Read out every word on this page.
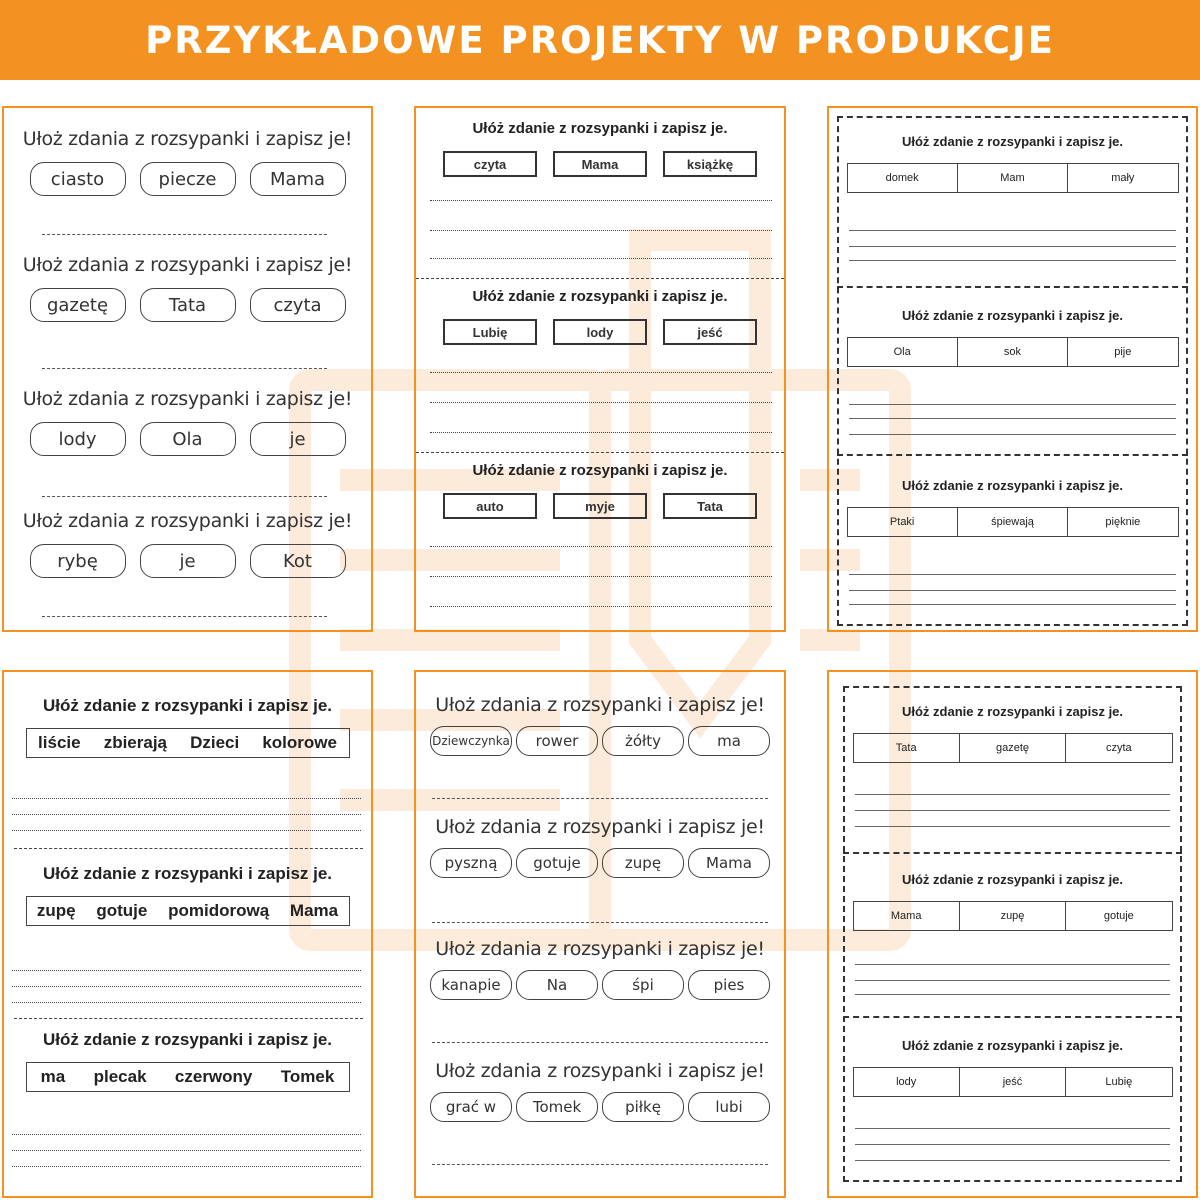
PRZYKŁADOWE PROJEKTY W PRODUKCJE
Ułoż zdania z rozsypanki i zapisz je!
ciasto	piecze	Mama
Ułoż zdania z rozsypanki i zapisz je!
gazetę	Tata	czyta
Ułoż zdania z rozsypanki i zapisz je!
lody	Ola	je
Ułoż zdania z rozsypanki i zapisz je!
rybę	je	Kot
Ułóż zdanie z rozsypanki i zapisz je.
czyta	Mama	książkę
Ułóż zdanie z rozsypanki i zapisz je.
Lubię	lody	jeść
Ułóż zdanie z rozsypanki i zapisz je.
auto	myje	Tata
Ułóż zdanie z rozsypanki i zapisz je.
domek	Mam	mały
Ułóż zdanie z rozsypanki i zapisz je.
Ola	sok	pije
Ułóż zdanie z rozsypanki i zapisz je.
Ptaki	śpiewają	pięknie
Ułóż zdanie z rozsypanki i zapisz je.
liście zbierają Dzieci kolorowe
Ułóż zdanie z rozsypanki i zapisz je.
zupę gotuje pomidorową Mama
Ułóż zdanie z rozsypanki i zapisz je.
ma plecak czerwony Tomek
Ułoż zdania z rozsypanki i zapisz je!
Dziewczynka	rower	żółty	ma
Ułoż zdania z rozsypanki i zapisz je!
pyszną	gotuje	zupę	Mama
Ułoż zdania z rozsypanki i zapisz je!
kanapie	Na	śpi	pies
Ułoż zdania z rozsypanki i zapisz je!
grać w	Tomek	piłkę	lubi
Ułóż zdanie z rozsypanki i zapisz je.
Tata	gazetę	czyta
Ułóż zdanie z rozsypanki i zapisz je.
Mama	zupę	gotuje
Ułóż zdanie z rozsypanki i zapisz je.
lody	jeść	Lubię
